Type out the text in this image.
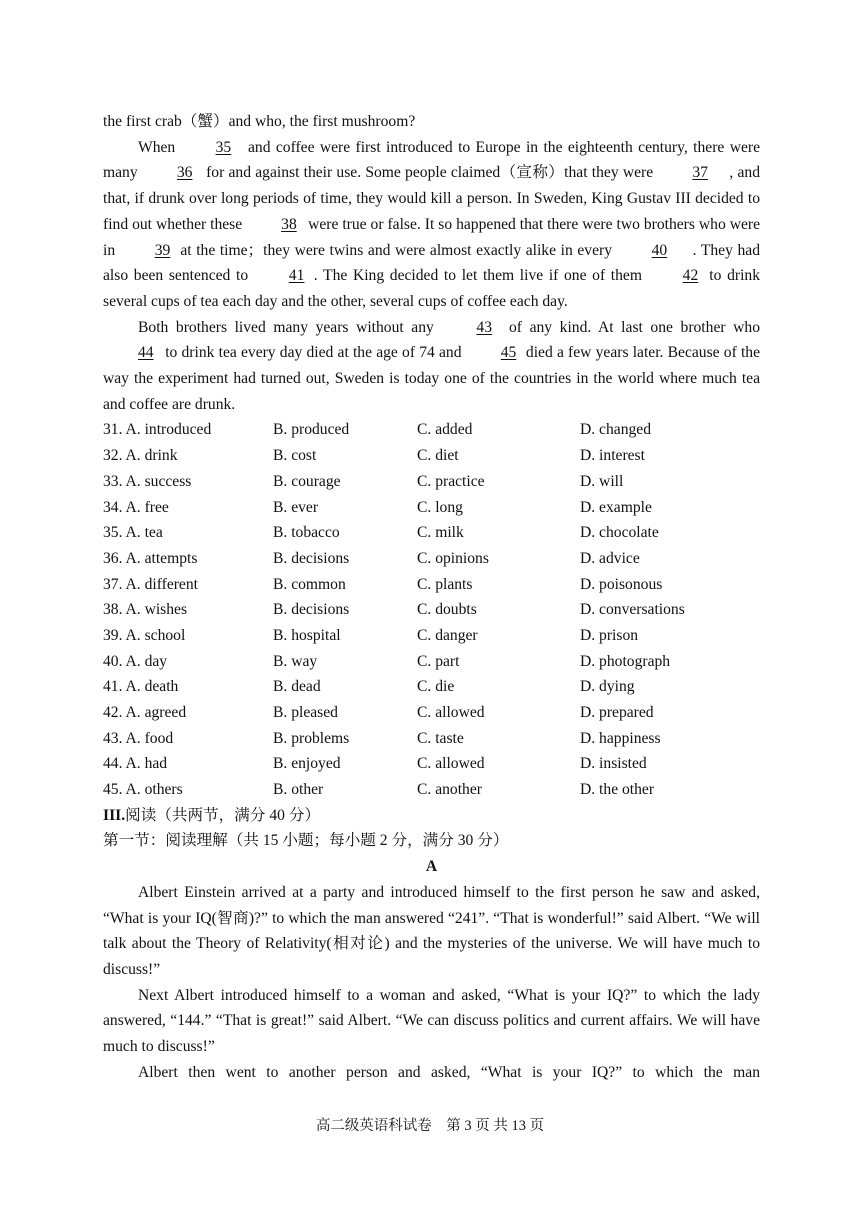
the first crab（蟹）and who, the first mushroom?

When 35 and coffee were first introduced to Europe in the eighteenth century, there were many 36 for and against their use. Some people claimed（宣称）that they were 37 , and that, if drunk over long periods of time, they would kill a person. In Sweden, King Gustav III decided to find out whether these 38 were true or false. It so happened that there were two brothers who were in 39 at the time；they were twins and were almost exactly alike in every 40 . They had also been sentenced to 41 . The King decided to let them live if one of them 42 to drink several cups of tea each day and the other, several cups of coffee each day.

Both brothers lived many years without any 43 of any kind. At last one brother who 44 to drink tea every day died at the age of 74 and 45 died a few years later. Because of the way the experiment had turned out, Sweden is today one of the countries in the world where much tea and coffee are drunk.

31. A. introduced	B. produced	C. added	D. changed
32. A. drink	B. cost	C. diet	D. interest
33. A. success	B. courage	C. practice	D. will
34. A. free	B. ever	C. long	D. example
35. A. tea	B. tobacco	C. milk	D. chocolate
36. A. attempts	B. decisions	C. opinions	D. advice
37. A. different	B. common	C. plants	D. poisonous
38. A. wishes	B. decisions	C. doubts	D. conversations
39. A. school	B. hospital	C. danger	D. prison
40. A. day	B. way	C. part	D. photograph
41. A. death	B. dead	C. die	D. dying
42. A. agreed	B. pleased	C. allowed	D. prepared
43. A. food	B. problems	C. taste	D. happiness
44. A. had	B. enjoyed	C. allowed	D. insisted
45. A. others	B. other	C. another	D. the other

III.阅读（共两节，满分 40 分）

第一节：阅读理解（共 15 小题；每小题 2 分，满分 30 分）

A

Albert Einstein arrived at a party and introduced himself to the first person he saw and asked, “What is your IQ(智商)?” to which the man answered “241”. “That is wonderful!” said Albert. “We will talk about the Theory of Relativity(相对论) and the mysteries of the universe. We will have much to discuss!”

Next Albert introduced himself to a woman and asked, “What is your IQ?” to which the lady answered, “144.” “That is great!” said Albert. “We can discuss politics and current affairs. We will have much to discuss!”

Albert then went to another person and asked, “What is your IQ?” to which the man

高二级英语科试卷　第 3 页 共 13 页
